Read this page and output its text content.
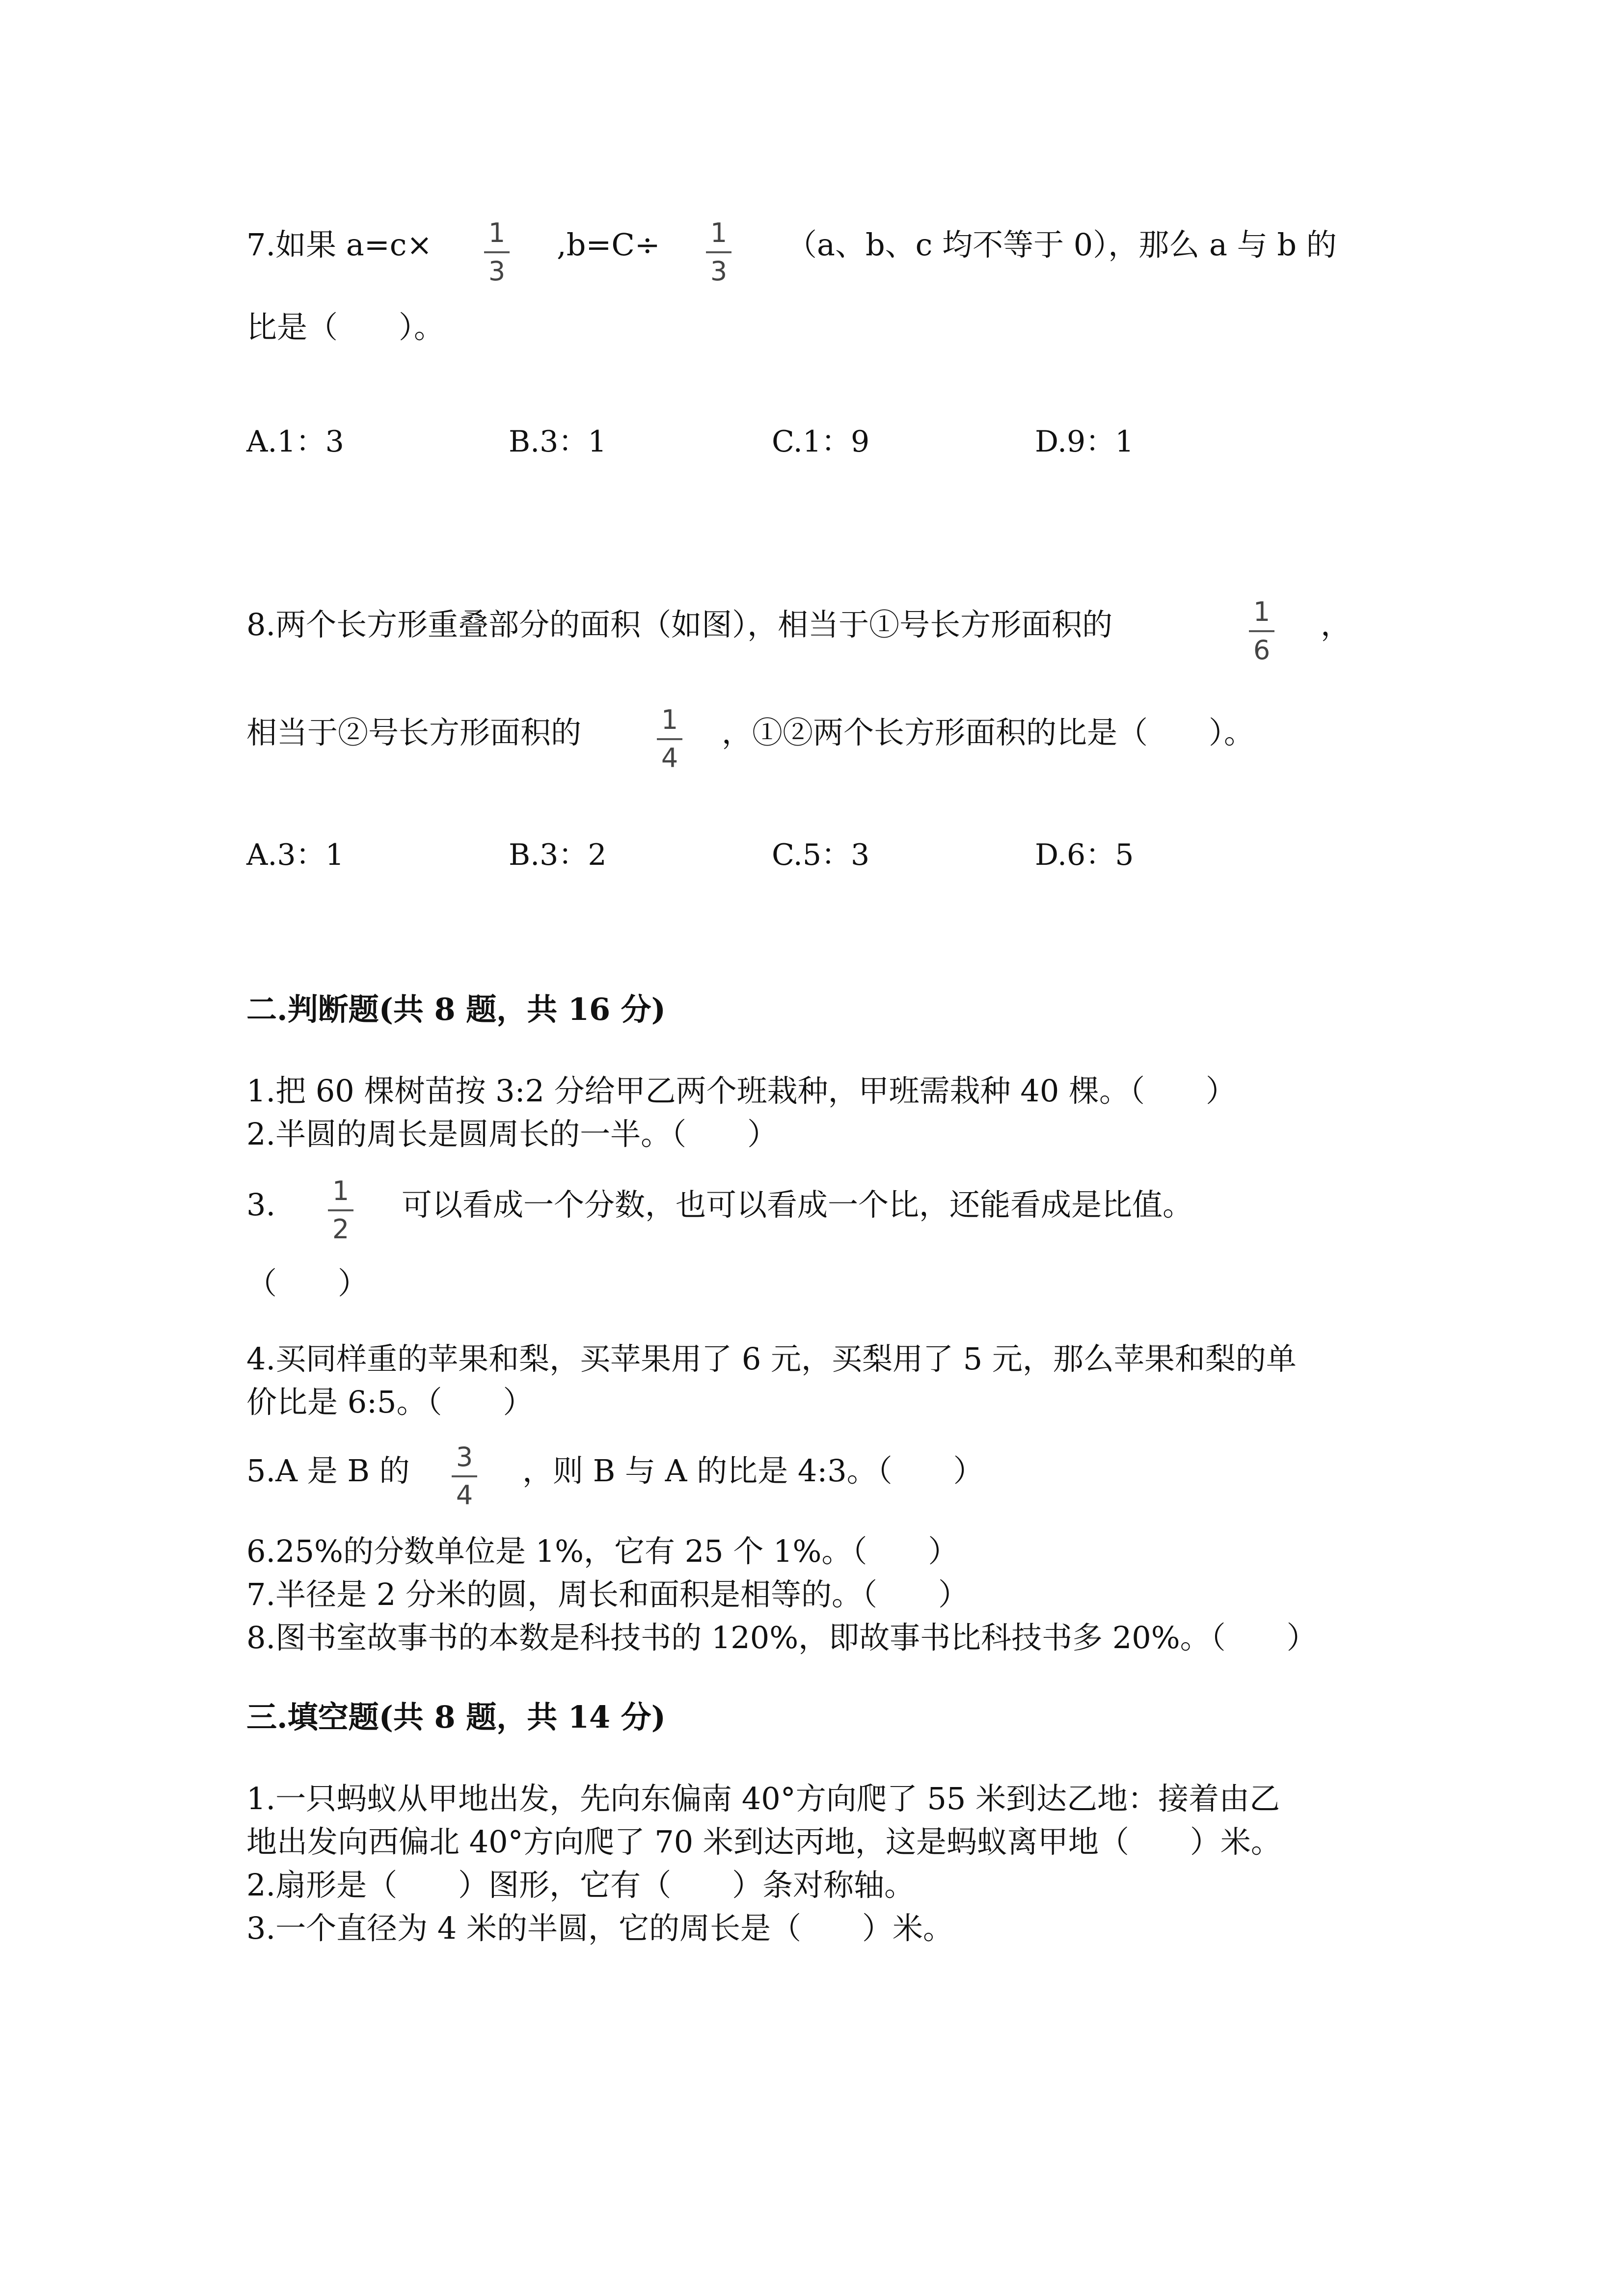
7.如果 a=c× 1
3
,b=C÷ 1
3
（a、b、c 均不等于 0），那么 a 与 b 的
比是（　　）。
A.1：3	B.3：1	C.1：9	D.9：1
8.两个长方形重叠部分的面积（如图），相当于①号长方形面积的	1
6
，
相当于②号长方形面积的	1
4
，①②两个长方形面积的比是（　　）。
A.3：1	B.3：2	C.5：3	D.6：5
二.判断题(共 8 题，共 16 分)
1.把 60 棵树苗按 3:2 分给甲乙两个班栽种，甲班需栽种 40 棵。（　　）
2.半圆的周长是圆周长的一半。（　　）
3. 1
2
可以看成一个分数，也可以看成一个比，还能看成是比值。
（　　）
4.买同样重的苹果和梨，买苹果用了 6 元，买梨用了 5 元，那么苹果和梨的单
价比是 6:5。（　　）
5.A 是 B 的 3
4
，则 B 与 A 的比是 4:3。（　　）
6.25%的分数单位是 1%，它有 25 个 1%。（　　）
7.半径是 2 分米的圆，周长和面积是相等的。（　　）
8.图书室故事书的本数是科技书的 120%，即故事书比科技书多 20%。（　　）
三.填空题(共 8 题，共 14 分)
1.一只蚂蚁从甲地出发，先向东偏南 40°方向爬了 55 米到达乙地：接着由乙
地出发向西偏北 40°方向爬了 70 米到达丙地，这是蚂蚁离甲地（　　）米。
2.扇形是（　　）图形，它有（　　）条对称轴。
3.一个直径为 4 米的半圆，它的周长是（　　）米。
